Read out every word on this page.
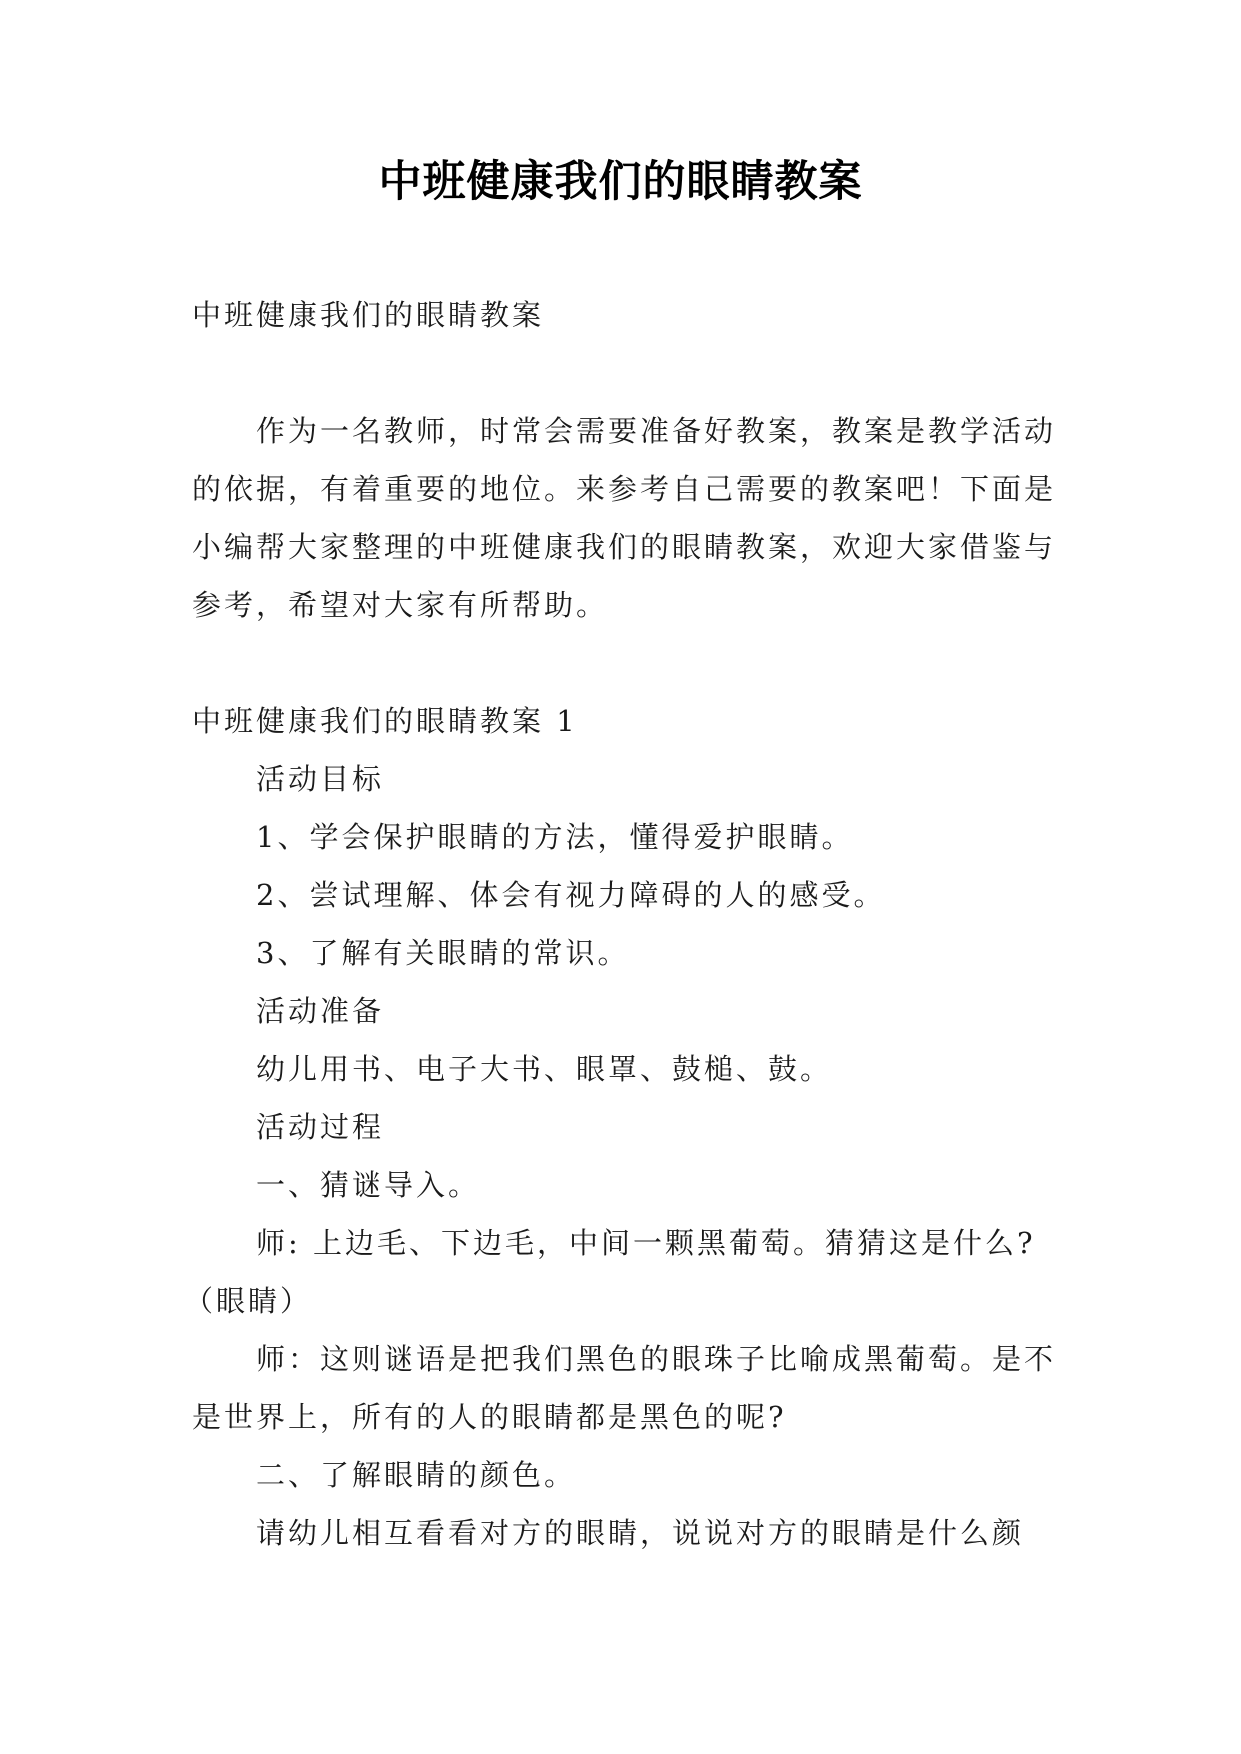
中班健康我们的眼睛教案

中班健康我们的眼睛教案

作为一名教师，时常会需要准备好教案，教案是教学活动的依据，有着重要的地位。来参考自己需要的教案吧！下面是小编帮大家整理的中班健康我们的眼睛教案，欢迎大家借鉴与参考，希望对大家有所帮助。

中班健康我们的眼睛教案 1

活动目标

1、学会保护眼睛的方法，懂得爱护眼睛。

2、尝试理解、体会有视力障碍的人的感受。

3、了解有关眼睛的常识。

活动准备

幼儿用书、电子大书、眼罩、鼓槌、鼓。

活动过程

一、猜谜导入。

师: 上边毛、下边毛，中间一颗黑葡萄。猜猜这是什么?

（眼睛）

师：这则谜语是把我们黑色的眼珠子比喻成黑葡萄。是不是世界上，所有的人的眼睛都是黑色的呢?

二、了解眼睛的颜色。

请幼儿相互看看对方的眼睛，说说对方的眼睛是什么颜
